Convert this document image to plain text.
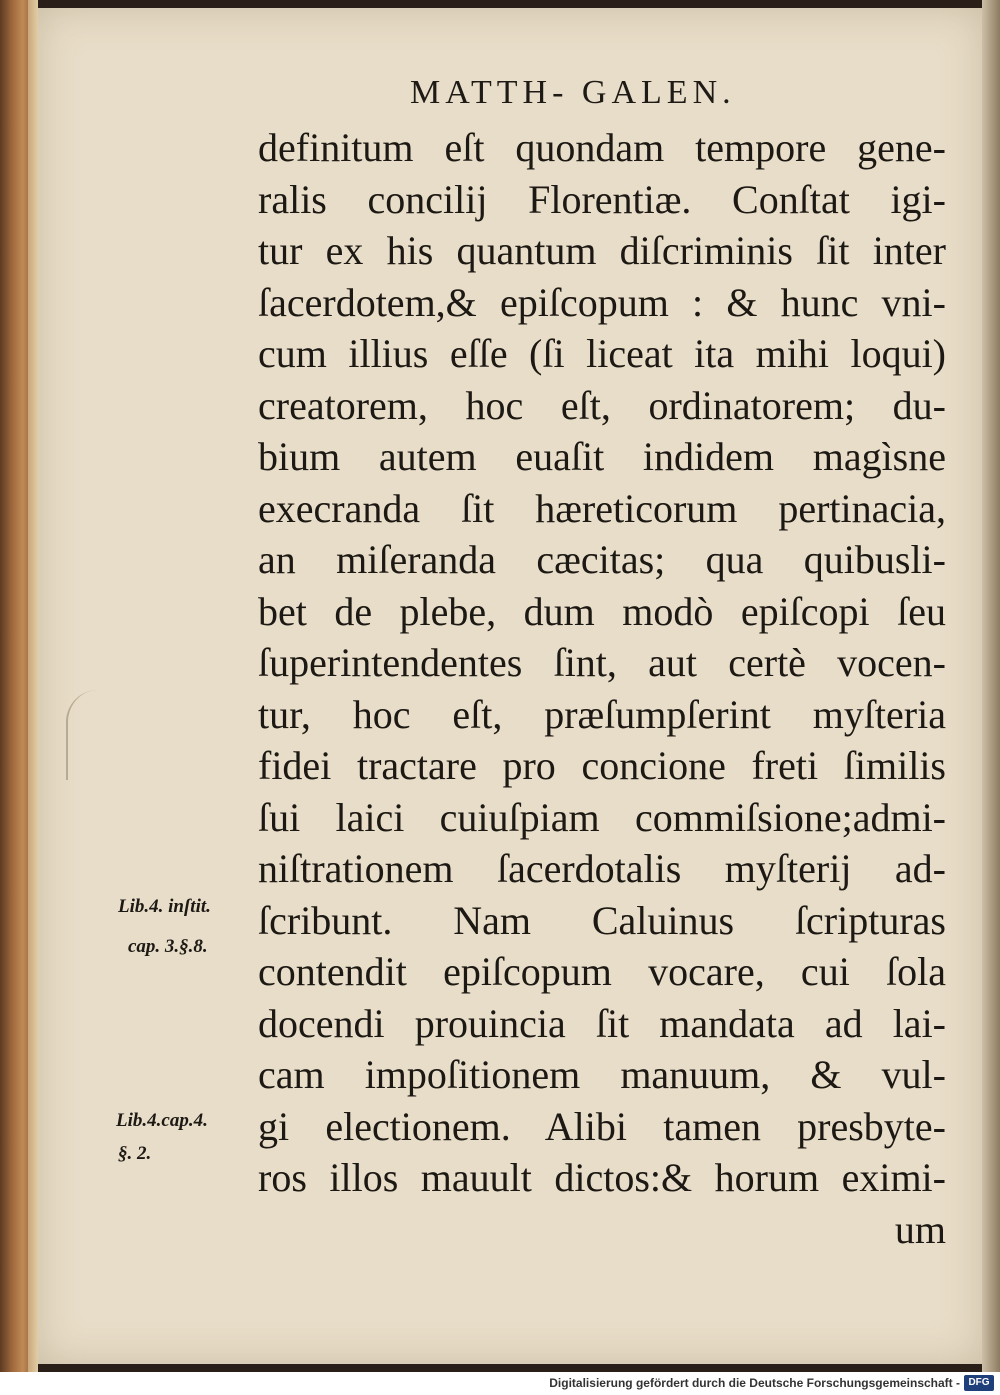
MATTH- GALEN.
definitum eſt quondam tempore gene-
ralis concilij Florentiæ. Conſtat igi-
tur ex his quantum diſcriminis ſit inter
ſacerdotem,& epiſcopum : & hunc vni-
cum illius eſſe (ſi liceat ita mihi loqui)
creatorem, hoc eſt, ordinatorem; du-
bium autem euaſit indidem magìsne
execranda ſit hæreticorum pertinacia,
an miſeranda cæcitas; qua quibusli-
bet de plebe, dum modò epiſcopi ſeu
ſuperintendentes ſint, aut certè vocen-
tur, hoc eſt, præſumpſerint myſteria
fidei tractare pro concione freti ſimilis
ſui laici cuiuſpiam commiſsione;admi-
niſtrationem ſacerdotalis myſterij ad-
ſcribunt. Nam Caluinus ſcripturas
contendit epiſcopum vocare, cui ſola
docendi prouincia ſit mandata ad lai-
cam impoſitionem manuum, & vul-
gi electionem. Alibi tamen presbyte-
ros illos mauult dictos:& horum eximi-
um
Lib.4. inſtit.
cap. 3.§.8.
Lib.4.cap.4.
§. 2.
Digitalisierung gefördert durch die Deutsche Forschungsgemeinschaft - DFG
